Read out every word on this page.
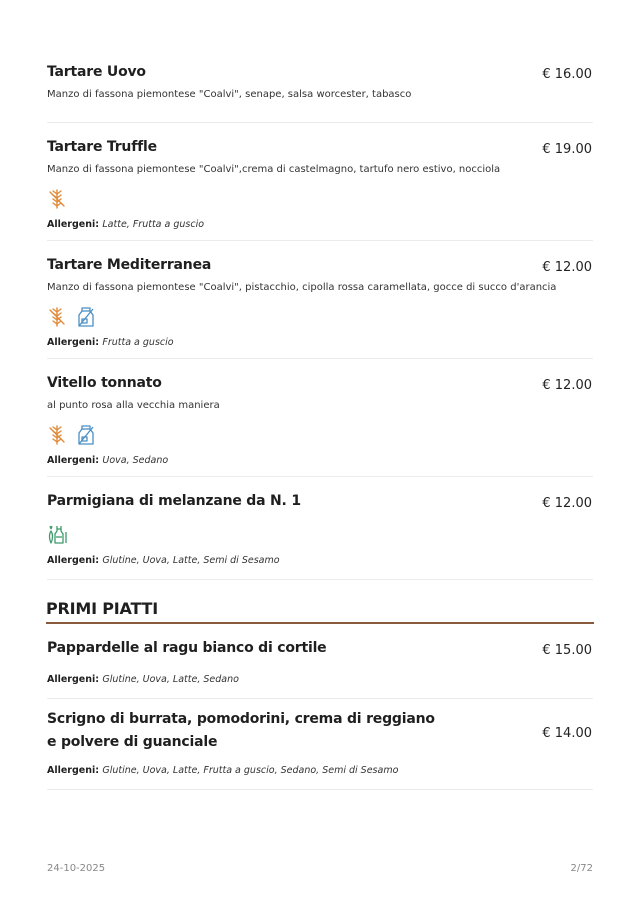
Tartare Uovo	€ 16.00
Manzo di fassona piemontese "Coalvi", senape, salsa worcester, tabasco
Tartare Truffle	€ 19.00
Manzo di fassona piemontese "Coalvi",crema di castelmagno, tartufo nero estivo, nocciola
Allergeni: Latte, Frutta a guscio
Tartare Mediterranea	€ 12.00
Manzo di fassona piemontese "Coalvi", pistacchio, cipolla rossa caramellata, gocce di succo d'arancia
Allergeni: Frutta a guscio
Vitello tonnato	€ 12.00
al punto rosa alla vecchia maniera
Allergeni: Uova, Sedano
Parmigiana di melanzane da N. 1	€ 12.00
Allergeni: Glutine, Uova, Latte, Semi di Sesamo
PRIMI PIATTI
Pappardelle al ragu bianco di cortile	€ 15.00
Allergeni: Glutine, Uova, Latte, Sedano
Scrigno di burrata, pomodorini, crema di reggiano e polvere di guanciale
€ 14.00
Allergeni: Glutine, Uova, Latte, Frutta a guscio, Sedano, Semi di Sesamo
24-10-2025	2/72
